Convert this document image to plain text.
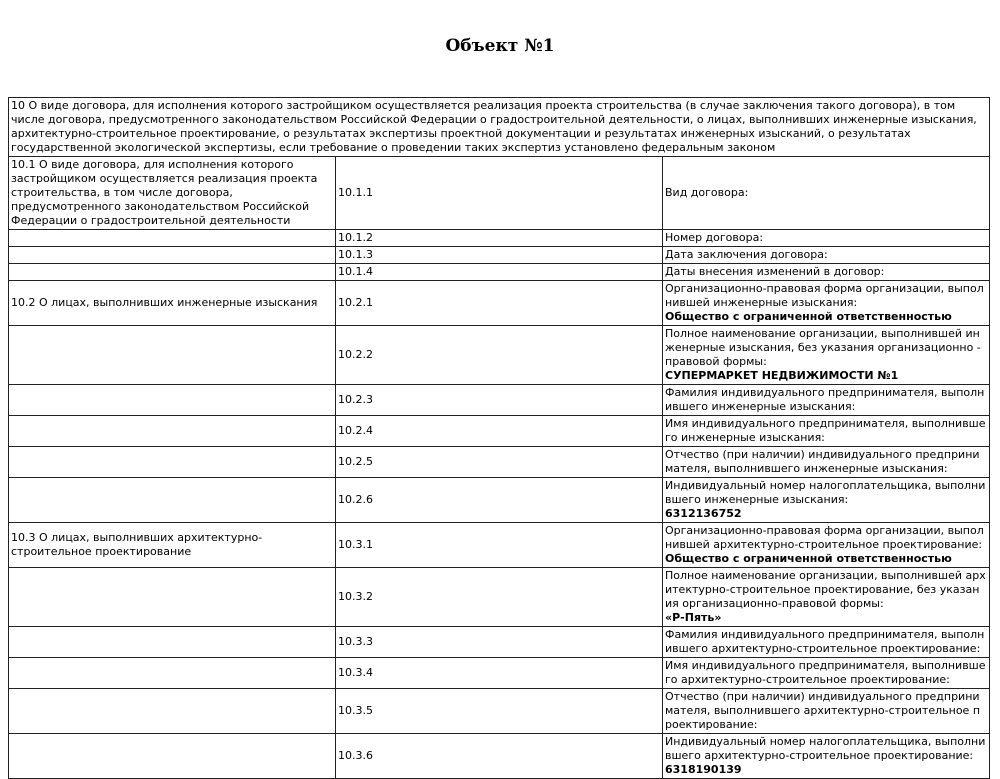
Объект №1
10 О виде договора, для исполнения которого застройщиком осуществляется реализация проекта строительства (в случае заключения такого договора), в том числе договора, предусмотренного законодательством Российской Федерации о градостроительной деятельности, о лицах, выполнивших инженерные изыскания, архитектурно-строительное проектирование, о результатах экспертизы проектной документации и результатах инженерных изысканий, о результатах государственной экологической экспертизы, если требование о проведении таких экспертиз установлено федеральным законом		
10.1 О виде договора, для исполнения которого застройщиком осуществляется реализация проекта строительства, в том числе договора, предусмотренного законодательством Российской Федерации о градостроительной деятельности	10.1.1	Вид договора:

	10.1.2	Номер договора:

	10.1.3	Дата заключения договора:

	10.1.4	Даты внесения изменений в договор:

10.2 О лицах, выполнивших инженерные изыскания	10.2.1	Организационно-правовая форма организации, выполнившей инженерные изыскания:
Общество с ограниченной ответственностью

	10.2.2	Полное наименование организации, выполнившей инженерные изыскания, без указания организационно - правовой формы:
СУПЕРМАРКЕТ НЕДВИЖИМОСТИ №1

	10.2.3	Фамилия индивидуального предпринимателя, выполнившего инженерные изыскания:

	10.2.4	Имя индивидуального предпринимателя, выполнившего инженерные изыскания:

	10.2.5	Отчество (при наличии) индивидуального предпринимателя, выполнившего инженерные изыскания:

	10.2.6	Индивидуальный номер налогоплательщика, выполнившего инженерные изыскания:
6312136752

10.3 О лицах, выполнивших архитектурно-строительное проектирование	10.3.1	Организационно-правовая форма организации, выполнившей архитектурно-строительное проектирование:
Общество с ограниченной ответственностью

	10.3.2	Полное наименование организации, выполнившей архитектурно-строительное проектирование, без указания организационно-правовой формы:
«Р-Пять»

	10.3.3	Фамилия индивидуального предпринимателя, выполнившего архитектурно-строительное проектирование:

	10.3.4	Имя индивидуального предпринимателя, выполнившего архитектурно-строительное проектирование:

	10.3.5	Отчество (при наличии) индивидуального предпринимателя, выполнившего архитектурно-строительное проектирование:

	10.3.6	Индивидуальный номер налогоплательщика, выполнившего архитектурно-строительное проектирование:
6318190139
